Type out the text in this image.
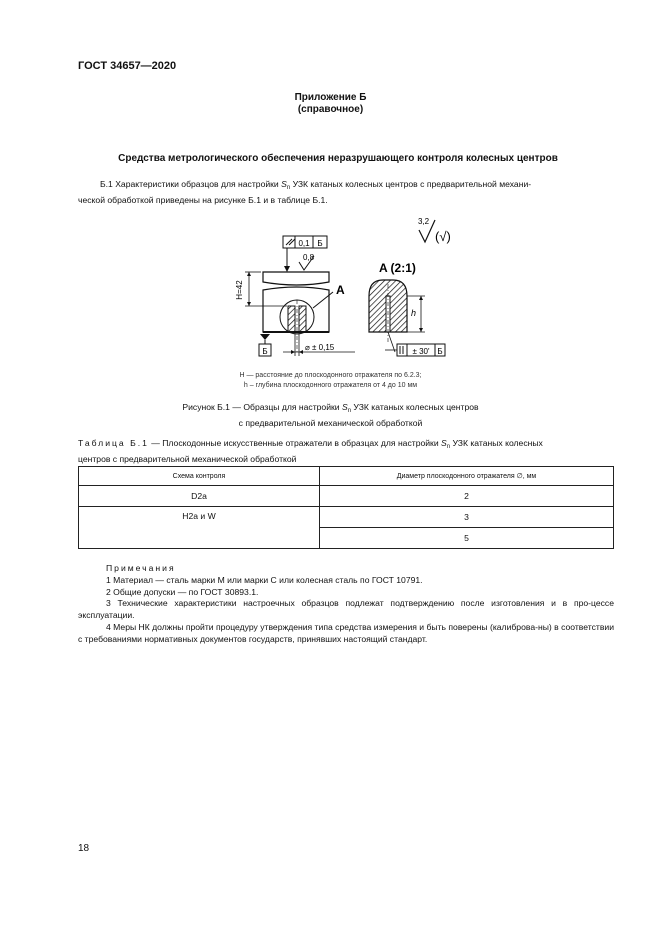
ГОСТ 34657—2020
Приложение Б
(справочное)
Средства метрологического обеспечения неразрушающего контроля колесных центров
Б.1 Характеристики образцов для настройки $S_n$ УЗК катаных колесных центров с предварительной механи-
ческой обработкой приведены на рисунке Б.1 и в таблице Б.1.
0,1 Б
0,8
A
H=42
Б	⌀ ± 0,15
3,2
(√)
A (2:1)
h
± 30' Б
H — расстояние до плоскодонного отражателя по 6.2.3;
h – глубина плоскодонного отражателя от 4 до 10 мм
Рисунок Б.1 — Образцы для настройки $S_n$ УЗК катаных колесных центров
с предварительной механической обработкой
Таблица Б.1 — Плоскодонные искусственные отражатели в образцах для настройки $S_n$ УЗК катаных колесных
центров с предварительной механической обработкой
Схема контроля	Диаметр плоскодонного отражателя ∅, мм
D2a	2
H2a и W	3
	5
Примечания
1 Материал — сталь марки М или марки С или колесная сталь по ГОСТ 10791.
2 Общие допуски — по ГОСТ 30893.1.
3 Технические характеристики настроечных образцов подлежат подтверждению после изготовления и в про-цессе эксплуатации.
4 Меры НК должны пройти процедуру утверждения типа средства измерения и быть поверены (калиброва-ны) в соответствии с требованиями нормативных документов государств, принявших настоящий стандарт.
18
